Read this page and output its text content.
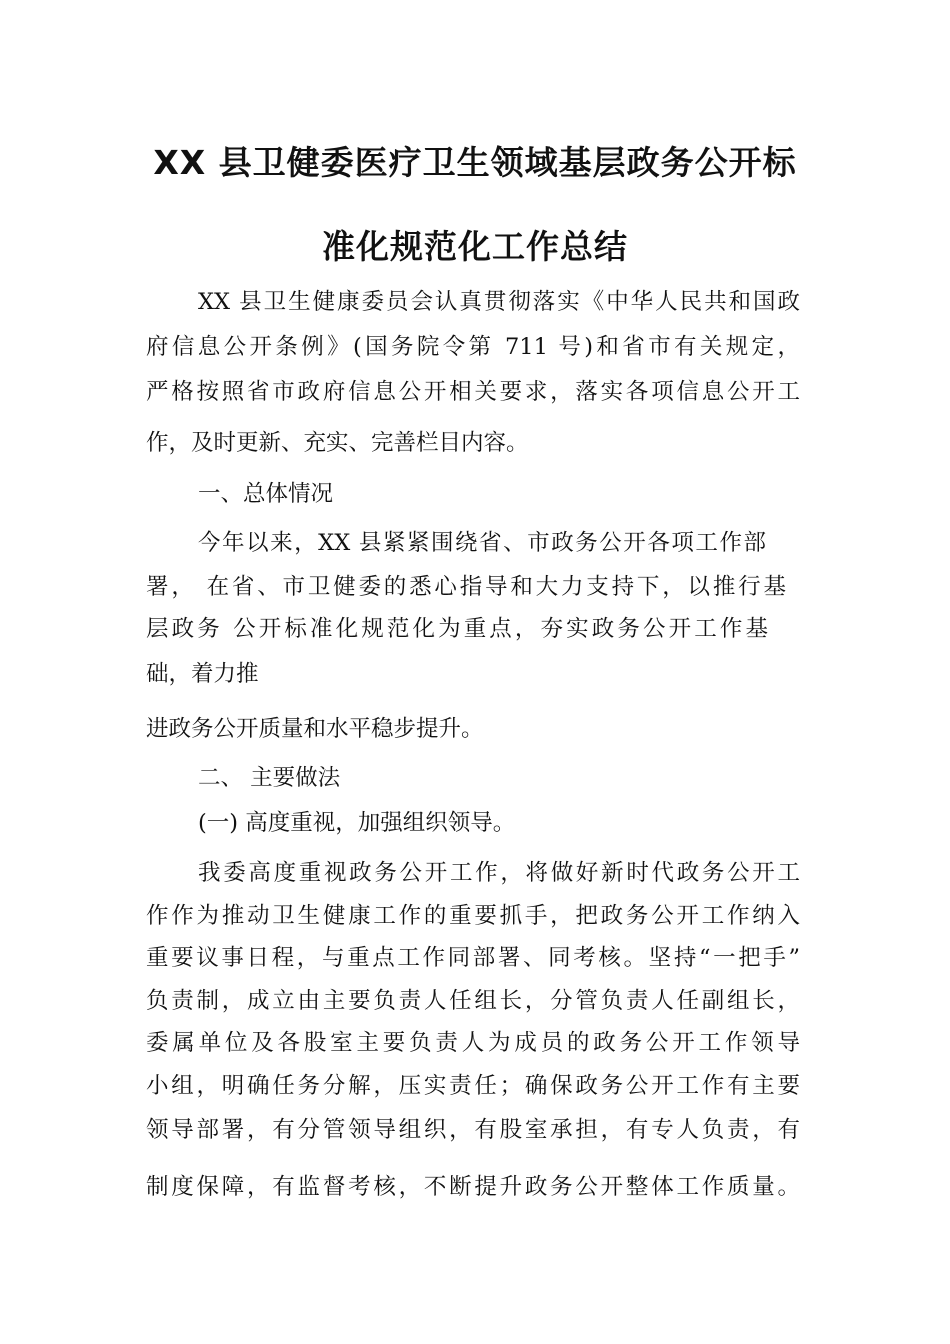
XX 县卫健委医疗卫生领域基层政务公开标
准化规范化工作总结
XX 县卫生健康委员会认真贯彻落实《中华人民共和国政
府信息公开条例》(国务院令第 711 号)和省市有关规定，
严格按照省市政府信息公开相关要求，落实各项信息公开工
作，及时更新、充实、完善栏目内容。
一、总体情况
今年以来，XX 县紧紧围绕省、市政务公开各项工作部
署， 在省、市卫健委的悉心指导和大力支持下，以推行基
层政务 公开标准化规范化为重点，夯实政务公开工作基
础，着力推
进政务公开质量和水平稳步提升。
二、 主要做法
(一) 高度重视，加强组织领导。
我委高度重视政务公开工作，将做好新时代政务公开工
作作为推动卫生健康工作的重要抓手，把政务公开工作纳入
重要议事日程，与重点工作同部署、同考核。坚持“一把手”
负责制，成立由主要负责人任组长，分管负责人任副组长，
委属单位及各股室主要负责人为成员的政务公开工作领导
小组，明确任务分解，压实责任；确保政务公开工作有主要
领导部署，有分管领导组织，有股室承担，有专人负责，有
制度保障，有监督考核，不断提升政务公开整体工作质量。
